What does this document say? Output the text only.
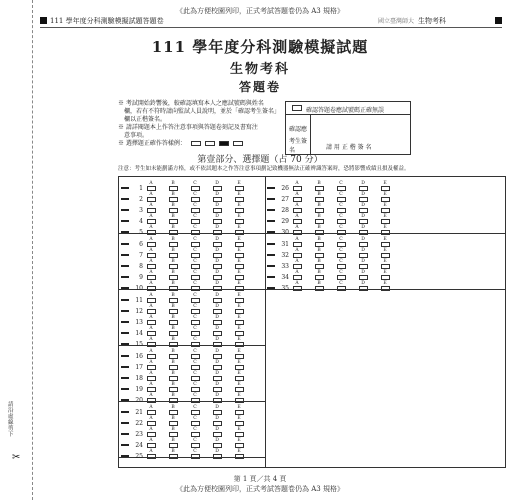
《此為方便校園列印，正式考試答題卷仍為 A3 規格》
111 學年度分科測驗模擬試題答題卷	國立臺灣師大 生物考科
111 學年度分科測驗模擬試題
生物考科
答題卷

※ 考試開始鈴響後，較確認填寫本人之應試號碼與姓名

　欄，若有不符時請向監試人員說明，並於「確認考生簽名」

　欄以正楷簽名。

※ 請詳閱題本上作答注意事項與答題卷刻記及書寫注

　意事項。

※ 選擇題正確作答樣例：

確認答題卷應試號碼正確無誤
確認應
考生簽名	請 用 正 楷 簽 名
第壹部分、選擇題（占 70 分）
注意：考生如未能劃滿方格，或不依試題本之作答注意事項劃記致機器無法正確辨識答案時，恐將影響成績且損及權益。
1
A	B	C	D	E
2
A	B	C	D	E
3
A	B	C	D	E
4
A	B	C	D	E
5
A	B	C	D	E
6
A	B	C	D	E
7
A	B	C	D	E
8
A	B	C	D	E
9
A	B	C	D	E
10
A	B	C	D	E
11
A	B	C	D	E
12
A	B	C	D	E
13
A	B	C	D	E
14
A	B	C	D	E
15
A	B	C	D	E
16
A	B	C	D	E
17
A	B	C	D	E
18
A	B	C	D	E
19
A	B	C	D	E
20
A	B	C	D	E
21
A	B	C	D	E
22
A	B	C	D	E
23
A	B	C	D	E
24
A	B	C	D	E
25
A	B	C	D	E
26
A	B	C	D	E
27
A	B	C	D	E
28
A	B	C	D	E
29
A	B	C	D	E
30
A	B	C	D	E
31
A	B	C	D	E
32
A	B	C	D	E
33
A	B	C	D	E
34
A	B	C	D	E
35
A	B	C	D	E
請沿虛線剪下
✂
第 1 頁／共 4 頁
《此為方便校園列印，正式考試答題卷仍為 A3 規格》
